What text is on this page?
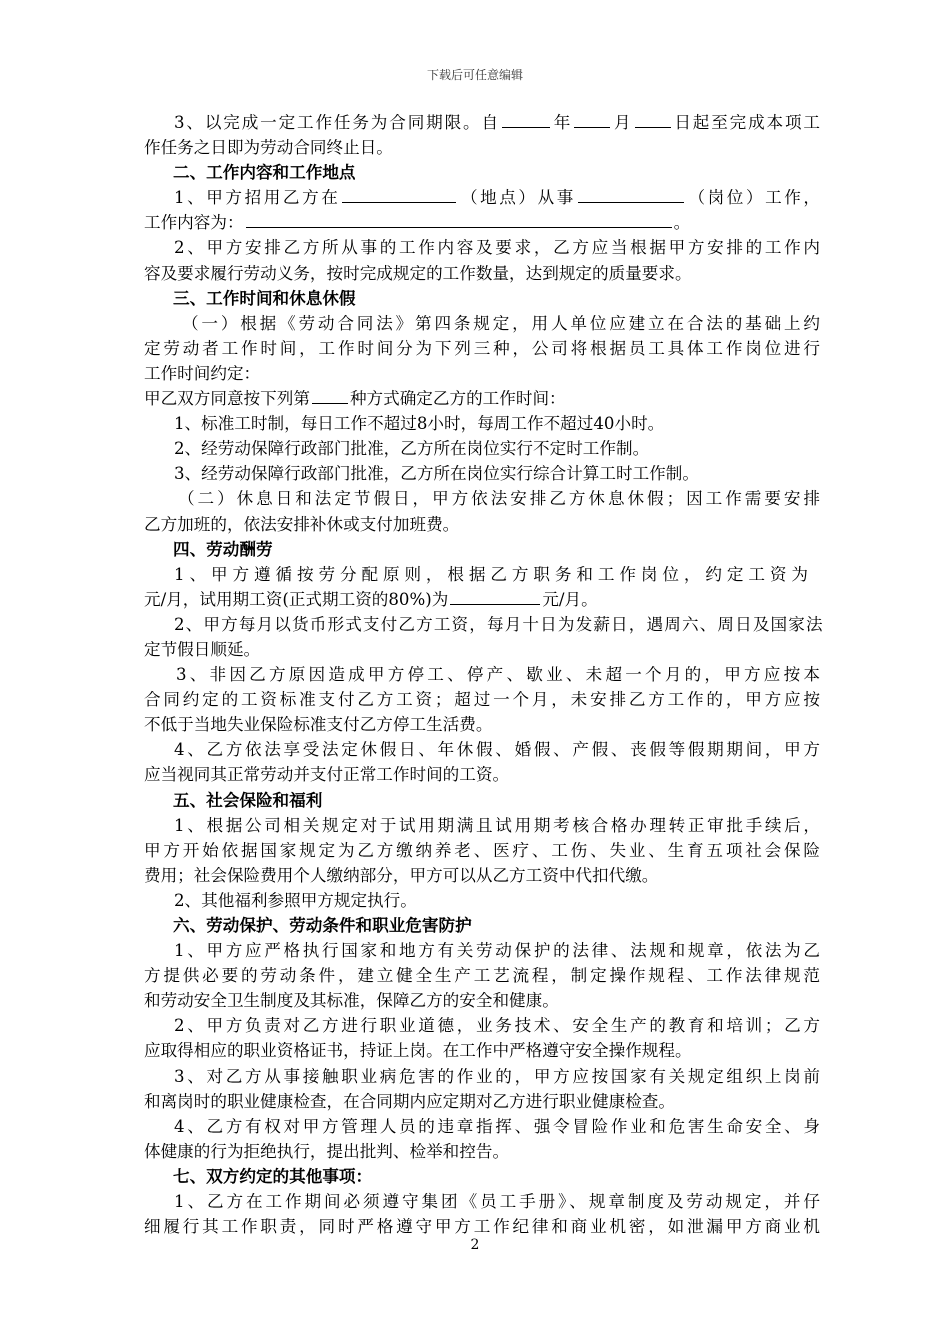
下载后可任意编辑
3、以完成一定工作任务为合同期限。自	年 月 日起至完成本项工
作任务之日即为劳动合同终止日。
二、工作内容和工作地点
1、甲方招用乙方在	（地点）从事	（岗位）工作，
工作内容为：	。
2、甲方安排乙方所从事的工作内容及要求，乙方应当根据甲方安排的工作内
容及要求履行劳动义务，按时完成规定的工作数量，达到规定的质量要求。
三、工作时间和休息休假
（一）根据《劳动合同法》第四条规定，用人单位应建立在合法的基础上约
定劳动者工作时间，工作时间分为下列三种，公司将根据员工具体工作岗位进行
工作时间约定：
甲乙双方同意按下列第 种方式确定乙方的工作时间：
1、标准工时制，每日工作不超过8小时，每周工作不超过40小时。
2、经劳动保障行政部门批准，乙方所在岗位实行不定时工作制。
3、经劳动保障行政部门批准，乙方所在岗位实行综合计算工时工作制。
（二）休息日和法定节假日，甲方依法安排乙方休息休假；因工作需要安排
乙方加班的，依法安排补休或支付加班费。
四、劳动酬劳
1、甲方遵循按劳分配原则，根据乙方职务和工作岗位，约定工资为
元/月，试用期工资(正式期工资的80%)为	元/月。
2、甲方每月以货币形式支付乙方工资，每月十日为发薪日，遇周六、周日及国家法
定节假日顺延。
3、非因乙方原因造成甲方停工、停产、歇业、未超一个月的，甲方应按本
合同约定的工资标准支付乙方工资；超过一个月，未安排乙方工作的，甲方应按
不低于当地失业保险标准支付乙方停工生活费。
4、乙方依法享受法定休假日、年休假、婚假、产假、丧假等假期期间，甲方
应当视同其正常劳动并支付正常工作时间的工资。
五、社会保险和福利
1、根据公司相关规定对于试用期满且试用期考核合格办理转正审批手续后，
甲方开始依据国家规定为乙方缴纳养老、医疗、工伤、失业、生育五项社会保险
费用；社会保险费用个人缴纳部分，甲方可以从乙方工资中代扣代缴。
2、其他福利参照甲方规定执行。
六、劳动保护、劳动条件和职业危害防护
1、甲方应严格执行国家和地方有关劳动保护的法律、法规和规章，依法为乙
方提供必要的劳动条件，建立健全生产工艺流程，制定操作规程、工作法律规范
和劳动安全卫生制度及其标准，保障乙方的安全和健康。
2、甲方负责对乙方进行职业道德，业务技术、安全生产的教育和培训；乙方
应取得相应的职业资格证书，持证上岗。在工作中严格遵守安全操作规程。
3、对乙方从事接触职业病危害的作业的，甲方应按国家有关规定组织上岗前
和离岗时的职业健康检查，在合同期内应定期对乙方进行职业健康检查。
4、乙方有权对甲方管理人员的违章指挥、强令冒险作业和危害生命安全、身
体健康的行为拒绝执行，提出批判、检举和控告。
七、双方约定的其他事项：
1、乙方在工作期间必须遵守集团《员工手册》、规章制度及劳动规定，并仔
细履行其工作职责，同时严格遵守甲方工作纪律和商业机密，如泄漏甲方商业机
2
